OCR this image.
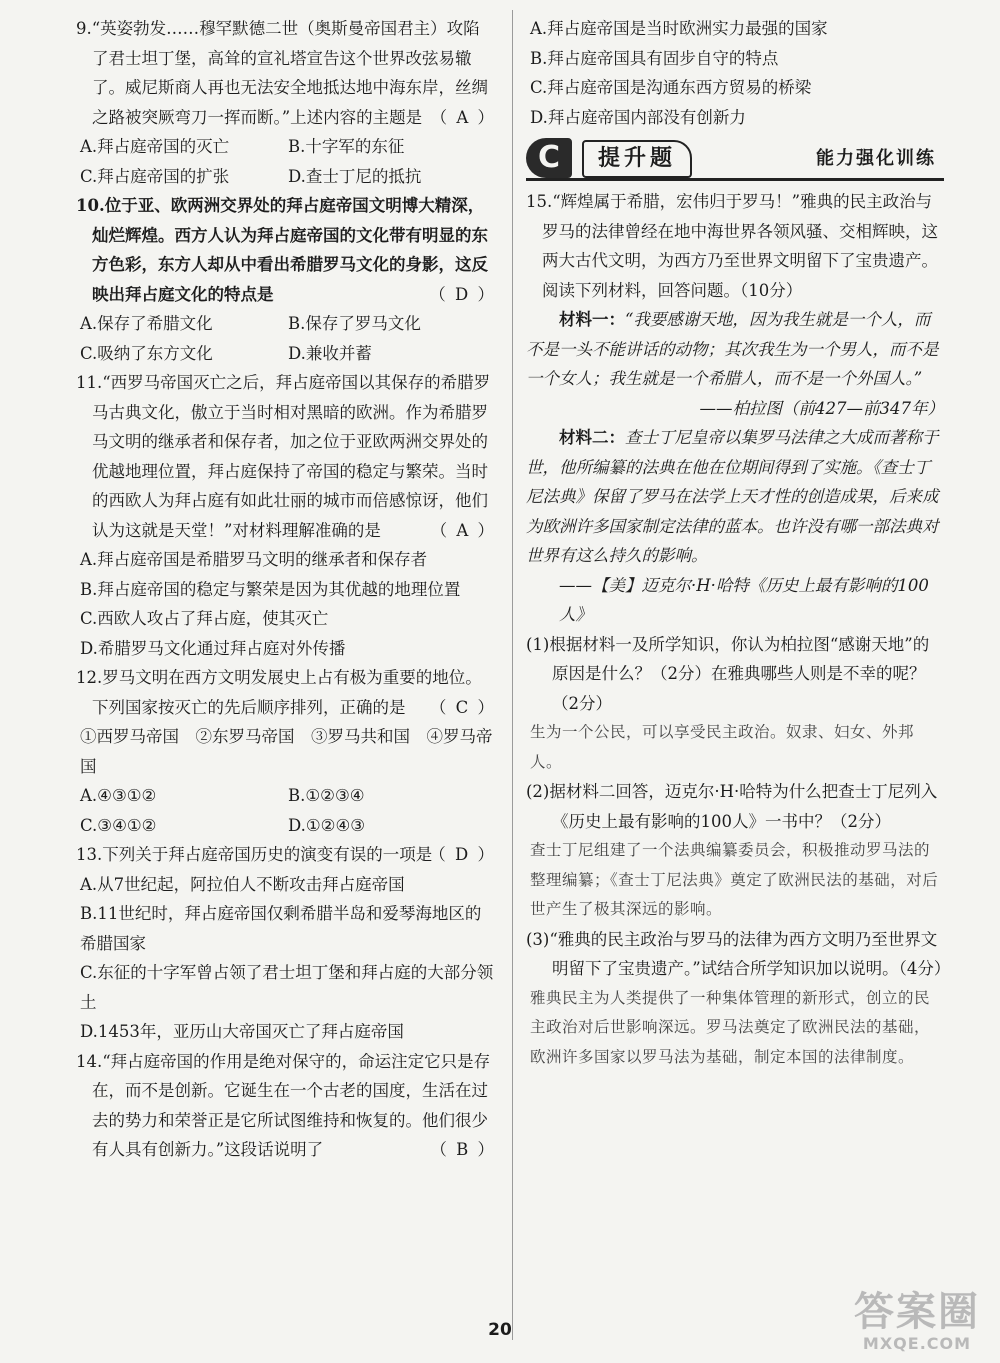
9.“英姿勃发……穆罕默德二世（奥斯曼帝国君主）攻陷了君士坦丁堡，高耸的宣礼塔宣告这个世界改弦易辙了。威尼斯商人再也无法安全地抵达地中海东岸，丝绸之路被突厥弯刀一挥而断。”上述内容的主题是 （ A ）

A.拜占庭帝国的灭亡	B.十字军的东征
C.拜占庭帝国的扩张	D.查士丁尼的抵抗

10.位于亚、欧两洲交界处的拜占庭帝国文明博大精深，灿烂辉煌。西方人认为拜占庭帝国的文化带有明显的东方色彩，东方人却从中看出希腊罗马文化的身影，这反映出拜占庭文化的特点是	（ D ）

A.保存了希腊文化	B.保存了罗马文化
C.吸纳了东方文化	D.兼收并蓄

11.“西罗马帝国灭亡之后，拜占庭帝国以其保存的希腊罗马古典文化，傲立于当时相对黑暗的欧洲。作为希腊罗马文明的继承者和保存者，加之位于亚欧两洲交界处的优越地理位置，拜占庭保持了帝国的稳定与繁荣。当时的西欧人为拜占庭有如此壮丽的城市而倍感惊讶，他们认为这就是天堂！”对材料理解准确的是	（ A ）

A.拜占庭帝国是希腊罗马文明的继承者和保存者

B.拜占庭帝国的稳定与繁荣是因为其优越的地理位置

C.西欧人攻占了拜占庭，使其灭亡

D.希腊罗马文化通过拜占庭对外传播

12.罗马文明在西方文明发展史上占有极为重要的地位。下列国家按灭亡的先后顺序排列，正确的是 （ C ）

①西罗马帝国　②东罗马帝国　③罗马共和国　④罗马帝国

A.④③①②	B.①②③④
C.③④①②	D.①②④③

13.下列关于拜占庭帝国历史的演变有误的一项是
（ D ）

A.从7世纪起，阿拉伯人不断攻击拜占庭帝国

B.11世纪时，拜占庭帝国仅剩希腊半岛和爱琴海地区的希腊国家

C.东征的十字军曾占领了君士坦丁堡和拜占庭的大部分领土

D.1453年，亚历山大帝国灭亡了拜占庭帝国

14.“拜占庭帝国的作用是绝对保守的，命运注定它只是存在，而不是创新。它诞生在一个古老的国度，生活在过去的势力和荣誉正是它所试图维持和恢复的。他们很少有人具有创新力。”这段话说明了	（ B ）

A.拜占庭帝国是当时欧洲实力最强的国家

B.拜占庭帝国具有固步自守的特点

C.拜占庭帝国是沟通东西方贸易的桥梁

D.拜占庭帝国内部没有创新力

C	提升题	能力强化训练

15.“辉煌属于希腊，宏伟归于罗马！”雅典的民主政治与罗马的法律曾经在地中海世界各领风骚、交相辉映，这两大古代文明，为西方乃至世界文明留下了宝贵遗产。阅读下列材料，回答问题。（10分）

材料一：“我要感谢天地，因为我生就是一个人，而不是一头不能讲话的动物；其次我生为一个男人，而不是一个女人；我生就是一个希腊人，而不是一个外国人。”

——柏拉图（前427—前347年）

材料二：查士丁尼皇帝以集罗马法律之大成而著称于世，他所编纂的法典在他在位期间得到了实施。《查士丁尼法典》保留了罗马在法学上天才性的创造成果，后来成为欧洲许多国家制定法律的蓝本。也许没有哪一部法典对世界有这么持久的影响。

——【美】迈克尔·H·哈特《历史上最有影响的100人》

(1)根据材料一及所学知识，你认为柏拉图“感谢天地”的原因是什么？（2分）在雅典哪些人则是不幸的呢？（2分）

生为一个公民，可以享受民主政治。奴隶、妇女、外邦人。

(2)据材料二回答，迈克尔·H·哈特为什么把查士丁尼列入《历史上最有影响的100人》一书中？（2分）

查士丁尼组建了一个法典编纂委员会，积极推动罗马法的整理编纂；《查士丁尼法典》奠定了欧洲民法的基础，对后世产生了极其深远的影响。

(3)“雅典的民主政治与罗马的法律为西方文明乃至世界文明留下了宝贵遗产。”试结合所学知识加以说明。（4分）

雅典民主为人类提供了一种集体管理的新形式，创立的民主政治对后世影响深远。罗马法奠定了欧洲民法的基础，欧洲许多国家以罗马法为基础，制定本国的法律制度。

20	答案圈
MXQE.COM
